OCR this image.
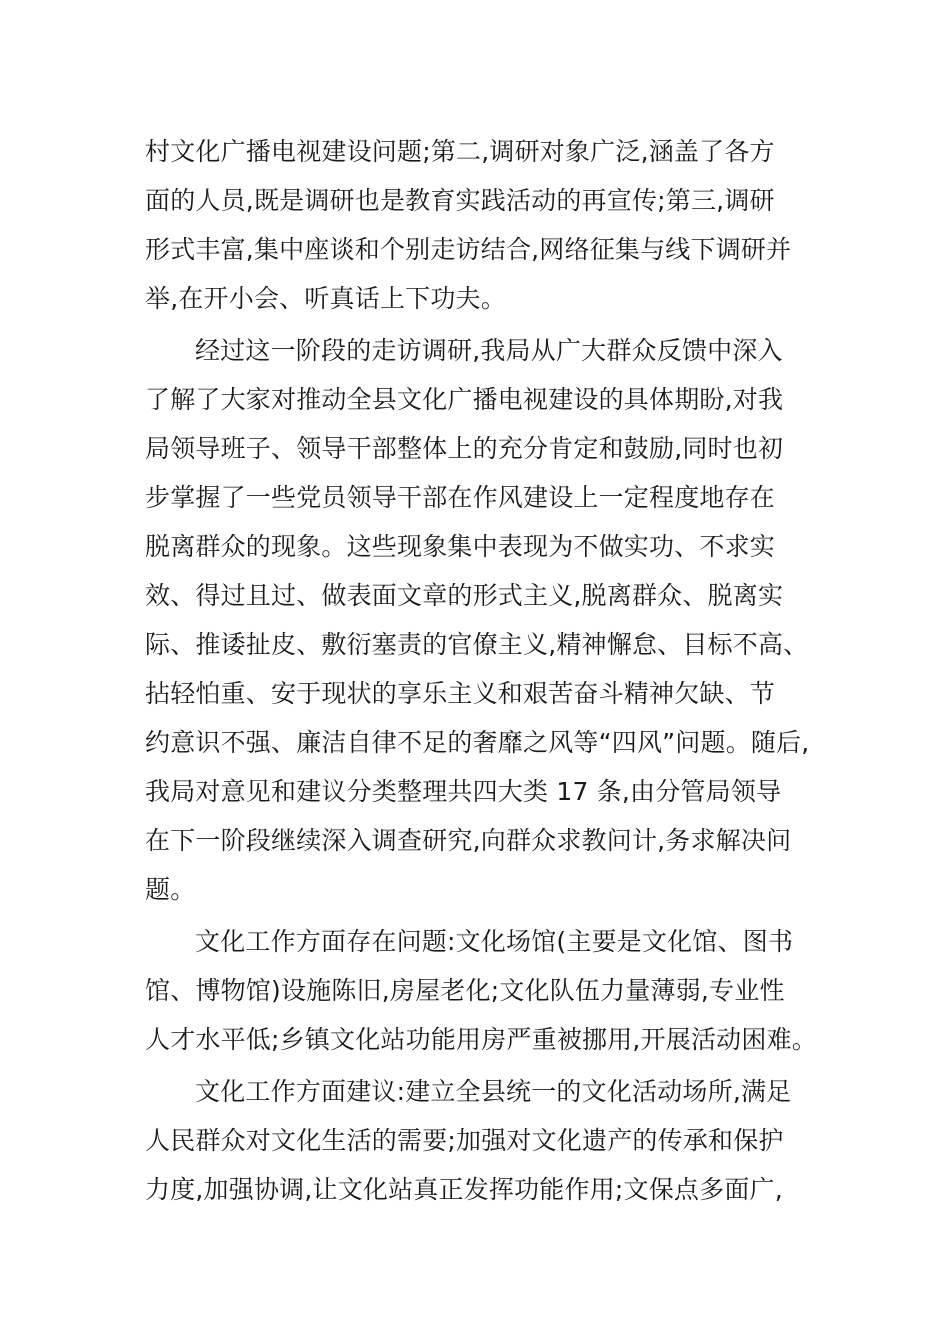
村文化广播电视建设问题;第二,调研对象广泛,涵盖了各方
面的人员,既是调研也是教育实践活动的再宣传;第三,调研
形式丰富,集中座谈和个别走访结合,网络征集与线下调研并
举,在开小会、听真话上下功夫。
经过这一阶段的走访调研,我局从广大群众反馈中深入
了解了大家对推动全县文化广播电视建设的具体期盼,对我
局领导班子、领导干部整体上的充分肯定和鼓励,同时也初
步掌握了一些党员领导干部在作风建设上一定程度地存在
脱离群众的现象。这些现象集中表现为不做实功、不求实
效、得过且过、做表面文章的形式主义,脱离群众、脱离实
际、推诿扯皮、敷衍塞责的官僚主义,精神懈怠、目标不高、
拈轻怕重、安于现状的享乐主义和艰苦奋斗精神欠缺、节
约意识不强、廉洁自律不足的奢靡之风等“四风”问题。随后,
我局对意见和建议分类整理共四大类 17 条,由分管局领导
在下一阶段继续深入调查研究,向群众求教问计,务求解决问
题。
文化工作方面存在问题:文化场馆(主要是文化馆、图书
馆、博物馆)设施陈旧,房屋老化;文化队伍力量薄弱,专业性
人才水平低;乡镇文化站功能用房严重被挪用,开展活动困难。
文化工作方面建议:建立全县统一的文化活动场所,满足
人民群众对文化生活的需要;加强对文化遗产的传承和保护
力度,加强协调,让文化站真正发挥功能作用;文保点多面广,
